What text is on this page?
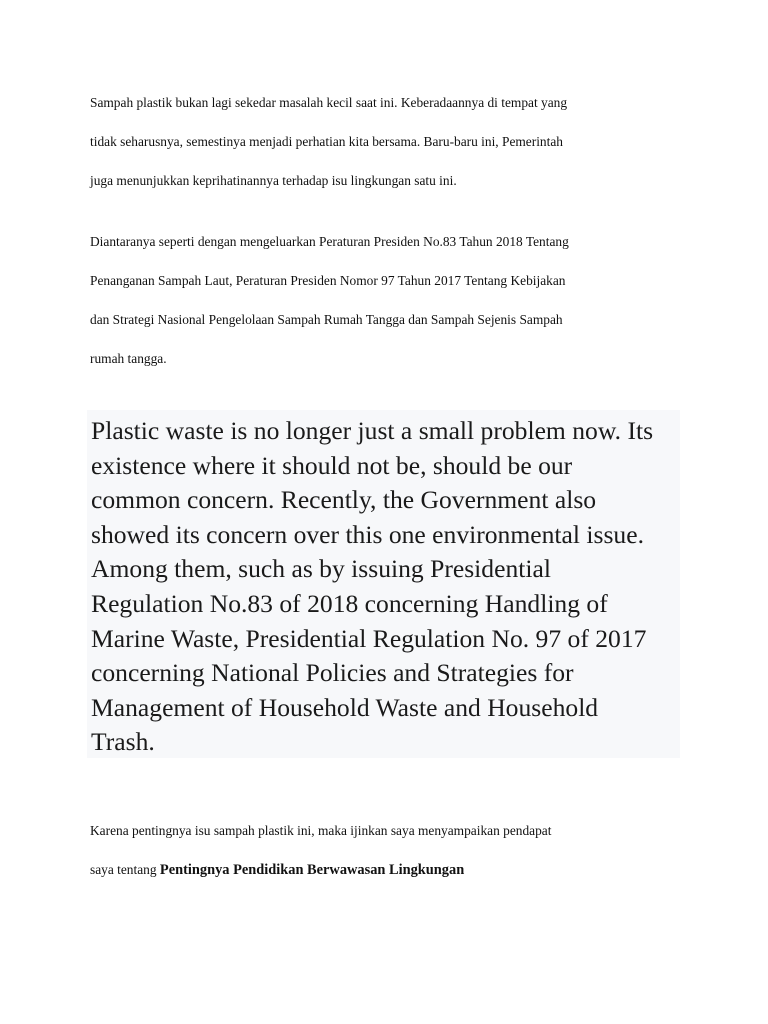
Sampah plastik bukan lagi sekedar masalah kecil saat ini. Keberadaannya di tempat yang
tidak seharusnya, semestinya menjadi perhatian kita bersama. Baru-baru ini, Pemerintah
juga menunjukkan keprihatinannya terhadap isu lingkungan satu ini.

Diantaranya seperti dengan mengeluarkan Peraturan Presiden No.83 Tahun 2018 Tentang
Penanganan Sampah Laut, Peraturan Presiden Nomor 97 Tahun 2017 Tentang Kebijakan
dan Strategi Nasional Pengelolaan Sampah Rumah Tangga dan Sampah Sejenis Sampah
rumah tangga.

Plastic waste is no longer just a small problem now. Its
existence where it should not be, should be our
common concern. Recently, the Government also
showed its concern over this one environmental issue.
Among them, such as by issuing Presidential
Regulation No.83 of 2018 concerning Handling of
Marine Waste, Presidential Regulation No. 97 of 2017
concerning National Policies and Strategies for
Management of Household Waste and Household
Trash.

Karena pentingnya isu sampah plastik ini, maka ijinkan saya menyampaikan pendapat
saya tentang Pentingnya Pendidikan Berwawasan Lingkungan
